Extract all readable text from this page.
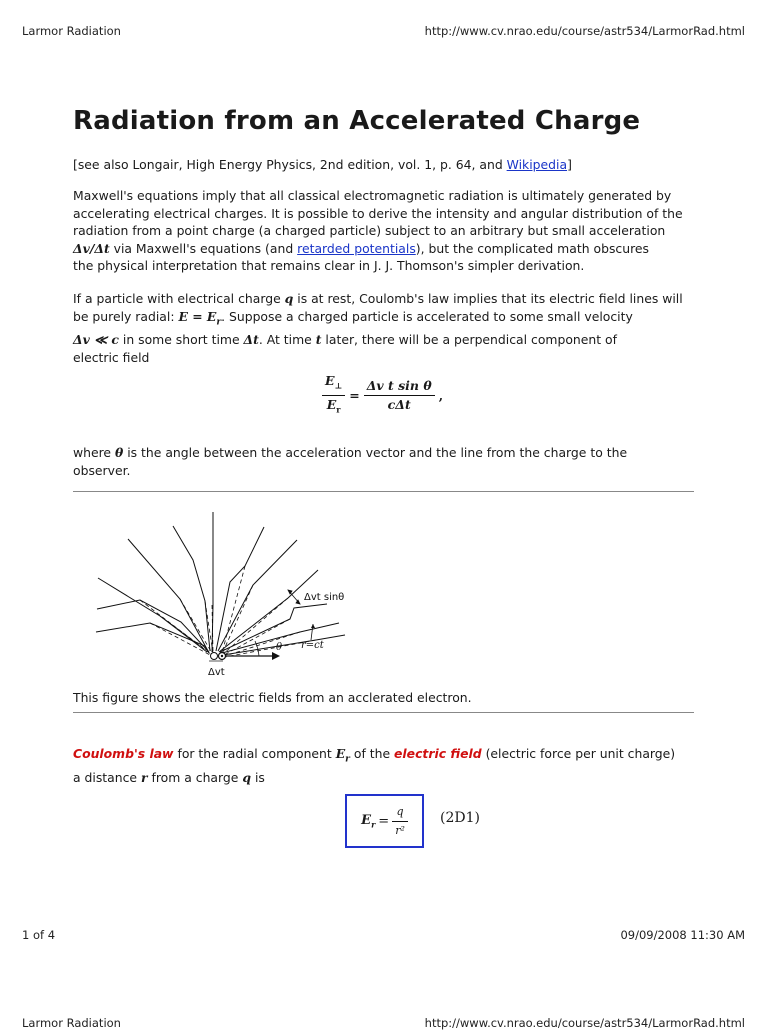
Larmor Radiation	http://www.cv.nrao.edu/course/astr534/LarmorRad.html
Radiation from an Accelerated Charge
[see also Longair, High Energy Physics, 2nd edition, vol. 1, p. 64, and Wikipedia]
Maxwell's equations imply that all classical electromagnetic radiation is ultimately generated by
accelerating electrical charges. It is possible to derive the intensity and angular distribution of the
radiation from a point charge (a charged particle) subject to an arbitrary but small acceleration
Δv/Δt via Maxwell's equations (and retarded potentials), but the complicated math obscures
the physical interpretation that remains clear in J. J. Thomson's simpler derivation.
If a particle with electrical charge q is at rest, Coulomb's law implies that its electric field lines will
be purely radial: $E = E_r$. Suppose a charged particle is accelerated to some small velocity
Δv ≪ c in some short time Δt. At time t later, there will be a perpendical component of
electric field
$\frac{E_\perp}{E_r} = \frac{\text{Δv t sin θ}}{\text{cΔt}}$ ,
where θ is the angle between the acceleration vector and the line from the charge to the
observer.
Δvt sinθ
θ r=ct
Δvt
This figure shows the electric fields from an acclerated electron.
Coulomb's law for the radial component $E_r$ of the electric field (electric force per unit charge)
a distance r from a charge q is
$E_r = \frac{q}{\text{r²}} (2D1)$
1 of 4	09/09/2008 11:30 AM
Larmor Radiation	http://www.cv.nrao.edu/course/astr534/LarmorRad.html
